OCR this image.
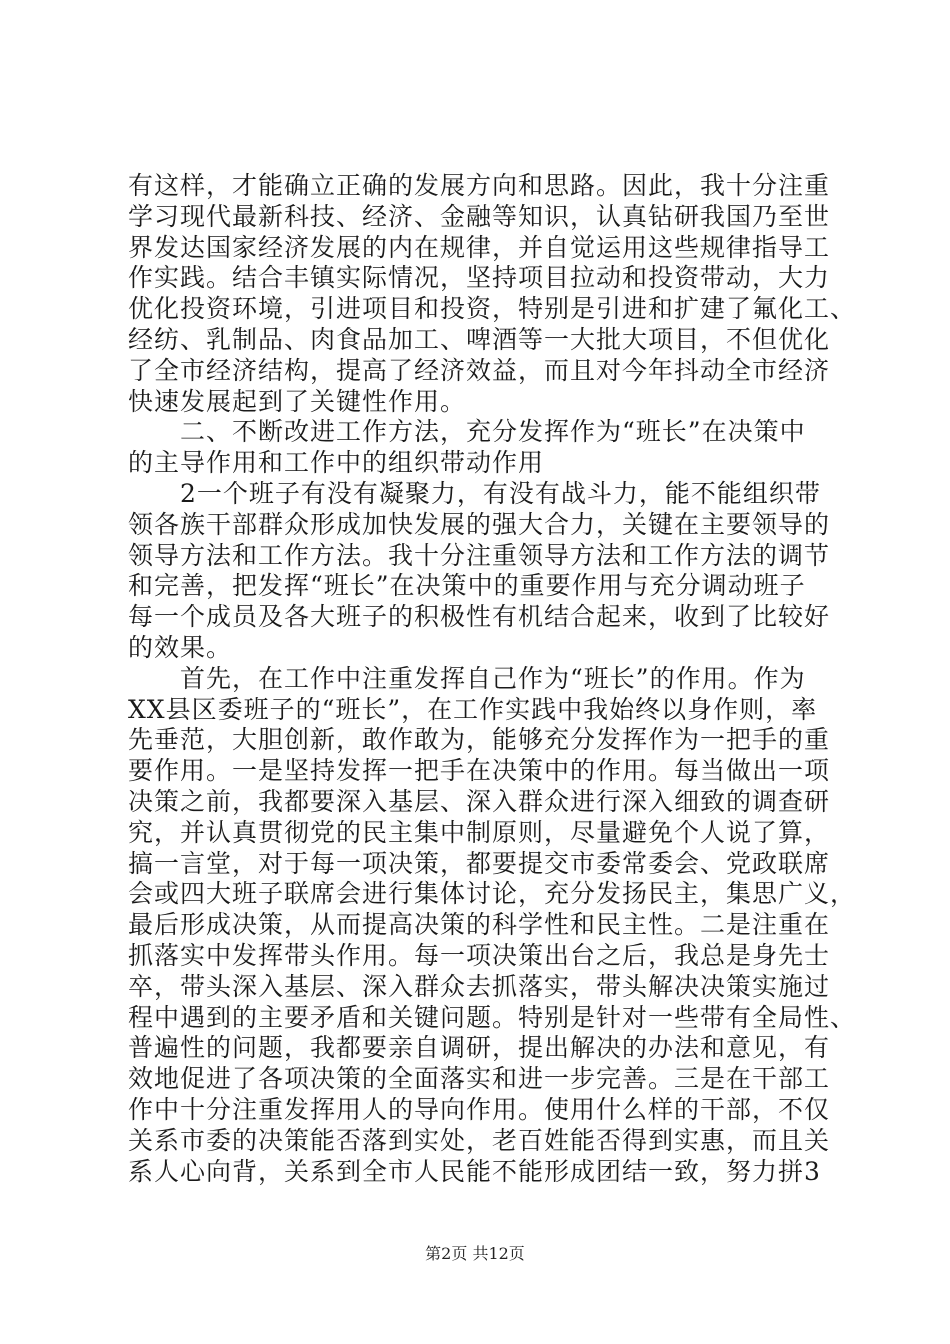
有这样，才能确立正确的发展方向和思路。因此，我十分注重
学习现代最新科技、经济、金融等知识，认真钻研我国乃至世
界发达国家经济发展的内在规律，并自觉运用这些规律指导工
作实践。结合丰镇实际情况，坚持项目拉动和投资带动，大力
优化投资环境，引进项目和投资，特别是引进和扩建了氟化工、
经纺、乳制品、肉食品加工、啤酒等一大批大项目，不但优化
了全市经济结构，提高了经济效益，而且对今年抖动全市经济
快速发展起到了关键性作用。
　　二、不断改进工作方法，充分发挥作为“班长”在决策中
的主导作用和工作中的组织带动作用
　　2一个班子有没有凝聚力，有没有战斗力，能不能组织带
领各族干部群众形成加快发展的强大合力，关键在主要领导的
领导方法和工作方法。我十分注重领导方法和工作方法的调节
和完善，把发挥“班长”在决策中的重要作用与充分调动班子
每一个成员及各大班子的积极性有机结合起来，收到了比较好
的效果。
　　首先，在工作中注重发挥自己作为“班长”的作用。作为
XX县区委班子的“班长”，在工作实践中我始终以身作则，率
先垂范，大胆创新，敢作敢为，能够充分发挥作为一把手的重
要作用。一是坚持发挥一把手在决策中的作用。每当做出一项
决策之前，我都要深入基层、深入群众进行深入细致的调查研
究，并认真贯彻党的民主集中制原则，尽量避免个人说了算，
搞一言堂，对于每一项决策，都要提交市委常委会、党政联席
会或四大班子联席会进行集体讨论，充分发扬民主，集思广义，
最后形成决策，从而提高决策的科学性和民主性。二是注重在
抓落实中发挥带头作用。每一项决策出台之后，我总是身先士
卒，带头深入基层、深入群众去抓落实，带头解决决策实施过
程中遇到的主要矛盾和关键问题。特别是针对一些带有全局性、
普遍性的问题，我都要亲自调研，提出解决的办法和意见，有
效地促进了各项决策的全面落实和进一步完善。三是在干部工
作中十分注重发挥用人的导向作用。使用什么样的干部，不仅
关系市委的决策能否落到实处，老百姓能否得到实惠，而且关
系人心向背，关系到全市人民能不能形成团结一致，努力拼3
第2页 共12页
